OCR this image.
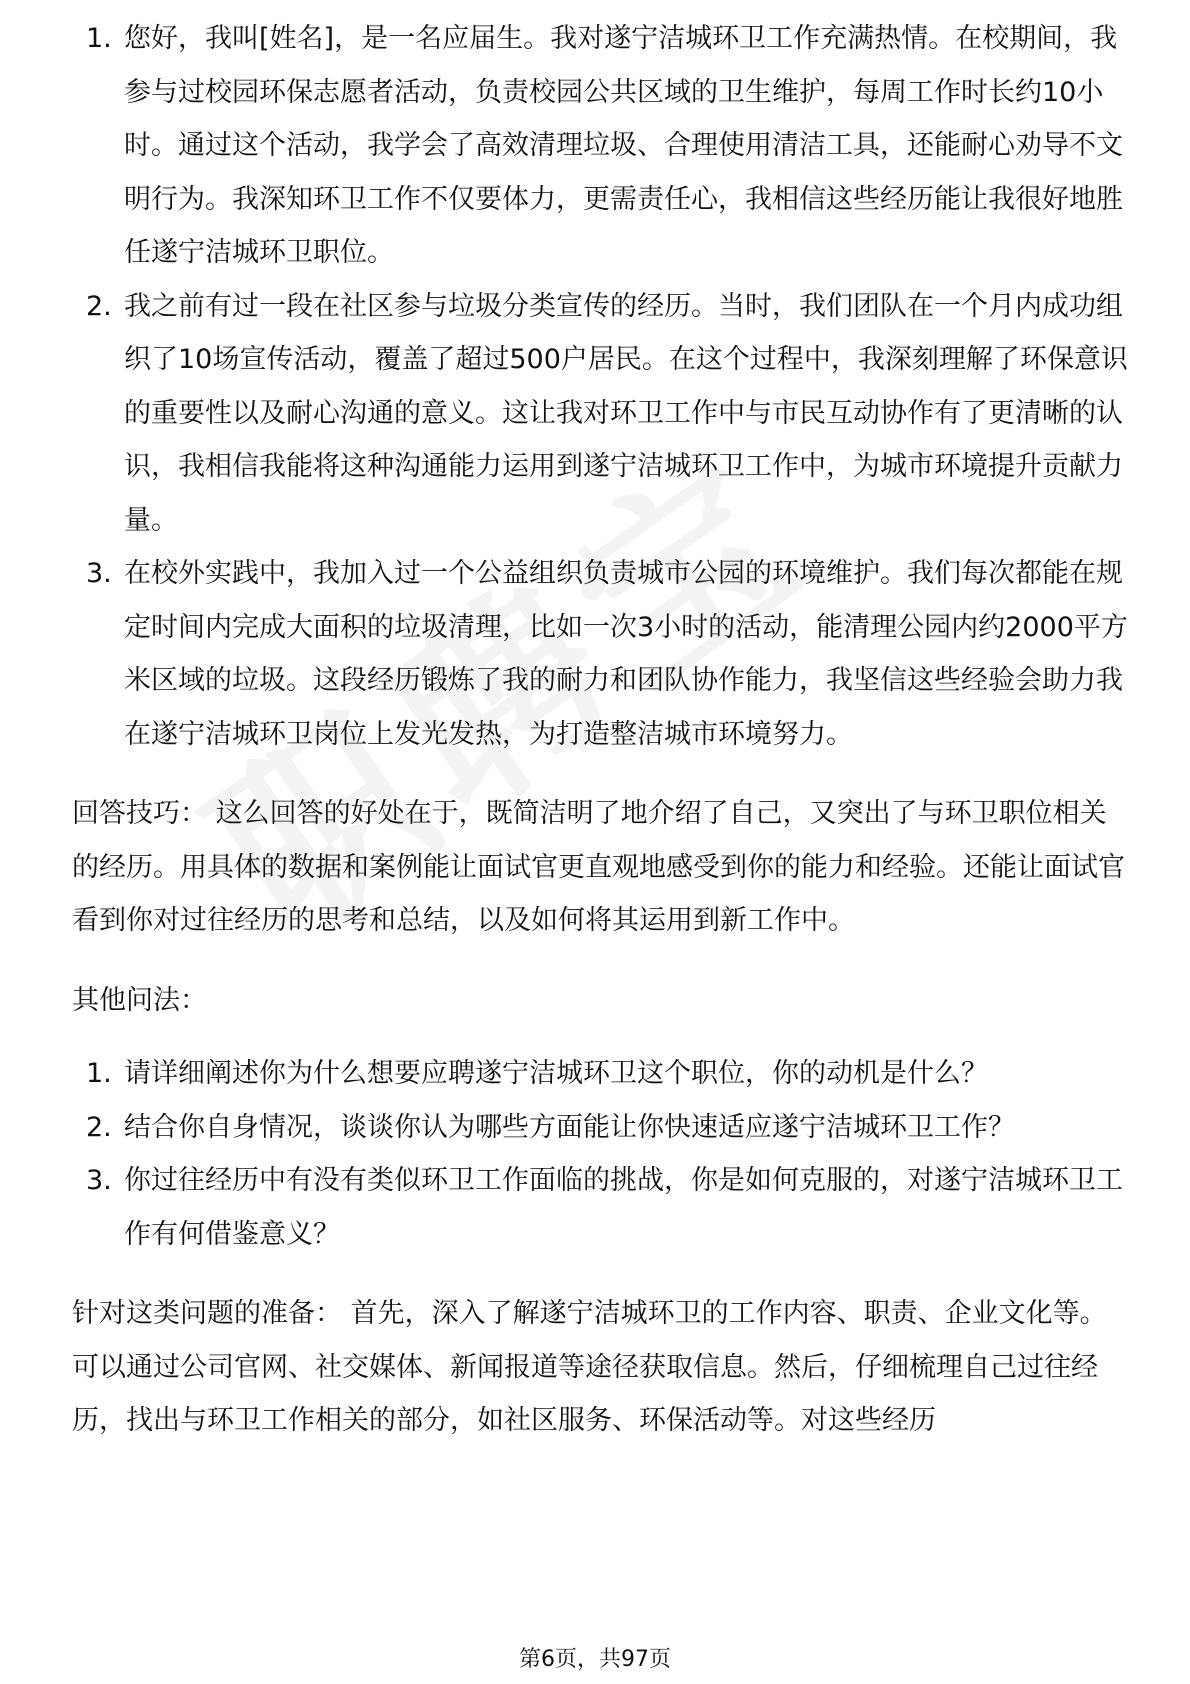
1. 您好，我叫[姓名]，是一名应届生。我对遂宁洁城环卫工作充满热情。在校期间，我参与过校园环保志愿者活动，负责校园公共区域的卫生维护，每周工作时长约10小时。通过这个活动，我学会了高效清理垃圾、合理使用清洁工具，还能耐心劝导不文明行为。我深知环卫工作不仅要体力，更需责任心，我相信这些经历能让我很好地胜任遂宁洁城环卫职位。
2. 我之前有过一段在社区参与垃圾分类宣传的经历。当时，我们团队在一个月内成功组织了10场宣传活动，覆盖了超过500户居民。在这个过程中，我深刻理解了环保意识的重要性以及耐心沟通的意义。这让我对环卫工作中与市民互动协作有了更清晰的认识，我相信我能将这种沟通能力运用到遂宁洁城环卫工作中，为城市环境提升贡献力量。
3. 在校外实践中，我加入过一个公益组织负责城市公园的环境维护。我们每次都能在规定时间内完成大面积的垃圾清理，比如一次3小时的活动，能清理公园内约2000平方米区域的垃圾。这段经历锻炼了我的耐力和团队协作能力，我坚信这些经验会助力我在遂宁洁城环卫岗位上发光发热，为打造整洁城市环境努力。

回答技巧： 这么回答的好处在于，既简洁明了地介绍了自己，又突出了与环卫职位相关的经历。用具体的数据和案例能让面试官更直观地感受到你的能力和经验。还能让面试官看到你对过往经历的思考和总结，以及如何将其运用到新工作中。

其他问法：

1. 请详细阐述你为什么想要应聘遂宁洁城环卫这个职位，你的动机是什么？
2. 结合你自身情况，谈谈你认为哪些方面能让你快速适应遂宁洁城环卫工作？
3. 你过往经历中有没有类似环卫工作面临的挑战，你是如何克服的，对遂宁洁城环卫工作有何借鉴意义？

针对这类问题的准备： 首先，深入了解遂宁洁城环卫的工作内容、职责、企业文化等。可以通过公司官网、社交媒体、新闻报道等途径获取信息。然后，仔细梳理自己过往经历，找出与环卫工作相关的部分，如社区服务、环保活动等。对这些经历

第6页，共97页
